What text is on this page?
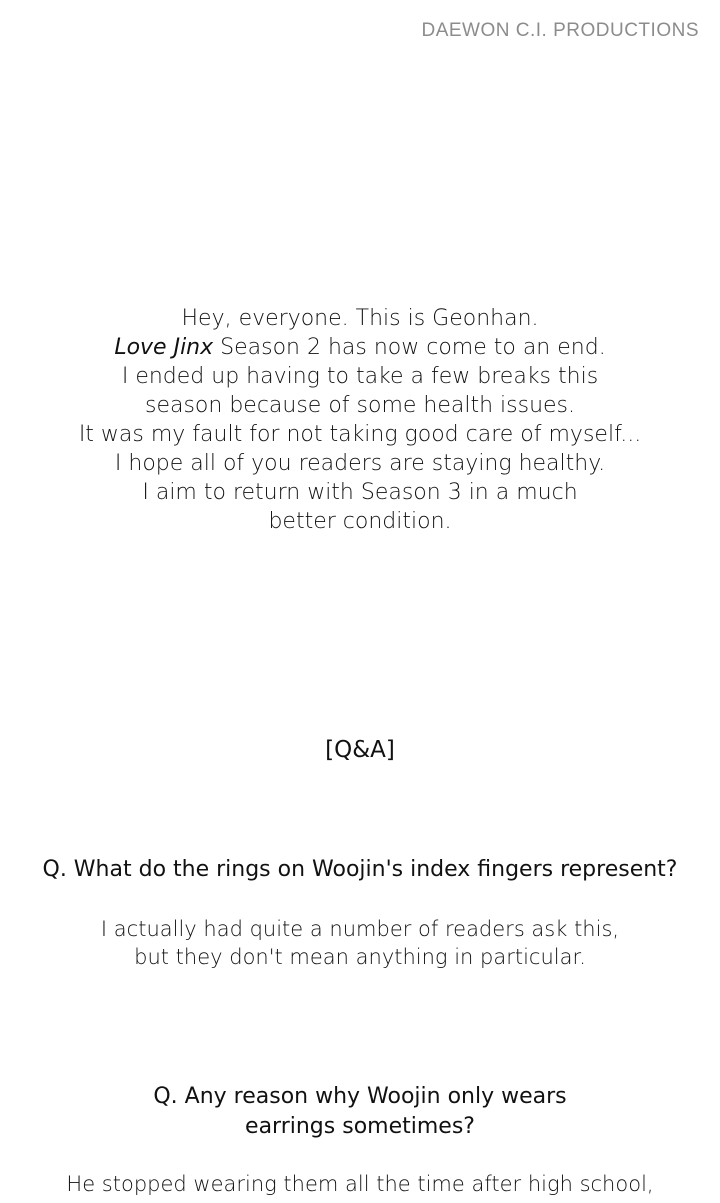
DAEWON C.I. PRODUCTIONS
Hey, everyone. This is Geonhan.
Love Jinx Season 2 has now come to an end.
I ended up having to take a few breaks this
season because of some health issues.
It was my fault for not taking good care of myself...
I hope all of you readers are staying healthy.
I aim to return with Season 3 in a much
better condition.
[Q&A]
Q. What do the rings on Woojin's index fingers represent?
I actually had quite a number of readers ask this,
but they don't mean anything in particular.
Q. Any reason why Woojin only wears
earrings sometimes?
He stopped wearing them all the time after high school,
